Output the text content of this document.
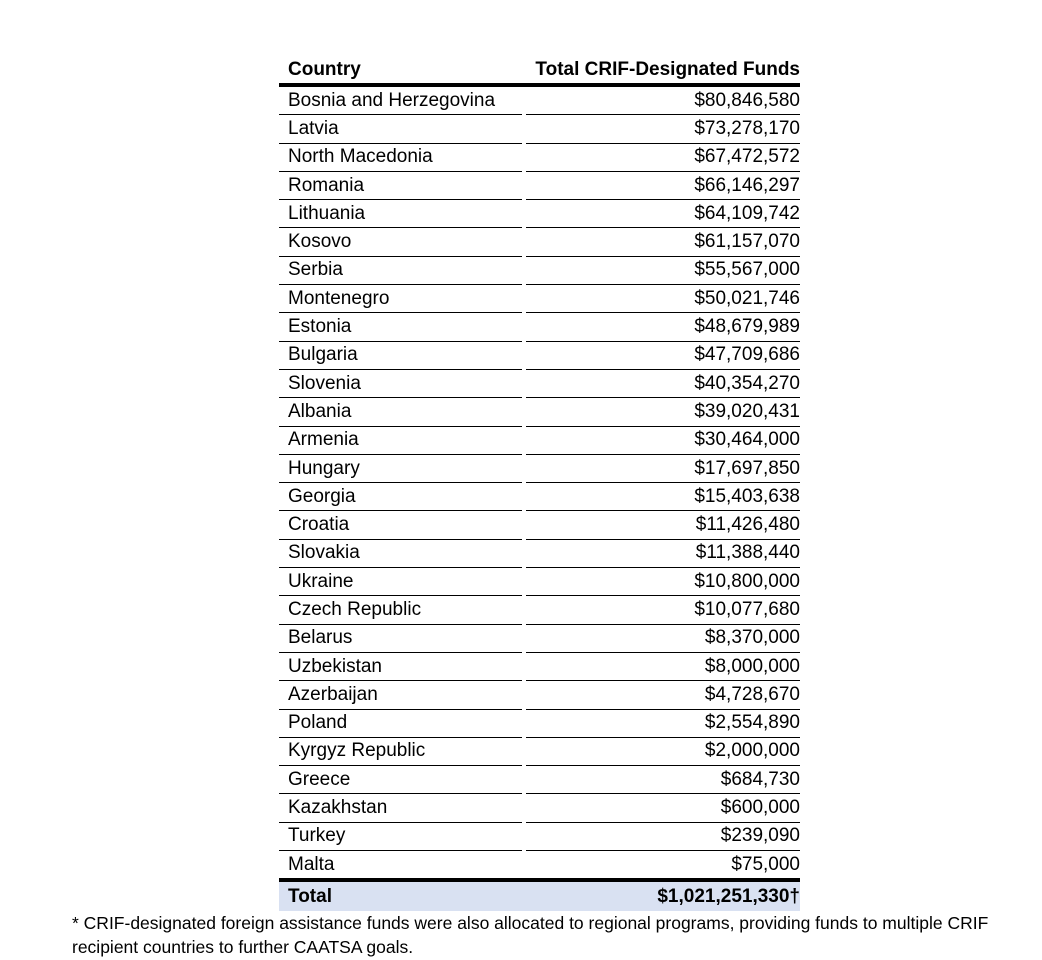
Country	Total CRIF-Designated Funds
Bosnia and Herzegovina	$80,846,580
Latvia	$73,278,170
North Macedonia	$67,472,572
Romania	$66,146,297
Lithuania	$64,109,742
Kosovo	$61,157,070
Serbia	$55,567,000
Montenegro	$50,021,746
Estonia	$48,679,989
Bulgaria	$47,709,686
Slovenia	$40,354,270
Albania	$39,020,431
Armenia	$30,464,000
Hungary	$17,697,850
Georgia	$15,403,638
Croatia	$11,426,480
Slovakia	$11,388,440
Ukraine	$10,800,000
Czech Republic	$10,077,680
Belarus	$8,370,000
Uzbekistan	$8,000,000
Azerbaijan	$4,728,670
Poland	$2,554,890
Kyrgyz Republic	$2,000,000
Greece	$684,730
Kazakhstan	$600,000
Turkey	$239,090
Malta	$75,000
Total	$1,021,251,330†
* CRIF-designated foreign assistance funds were also allocated to regional programs, providing funds to multiple CRIF recipient countries to further CAATSA goals.
